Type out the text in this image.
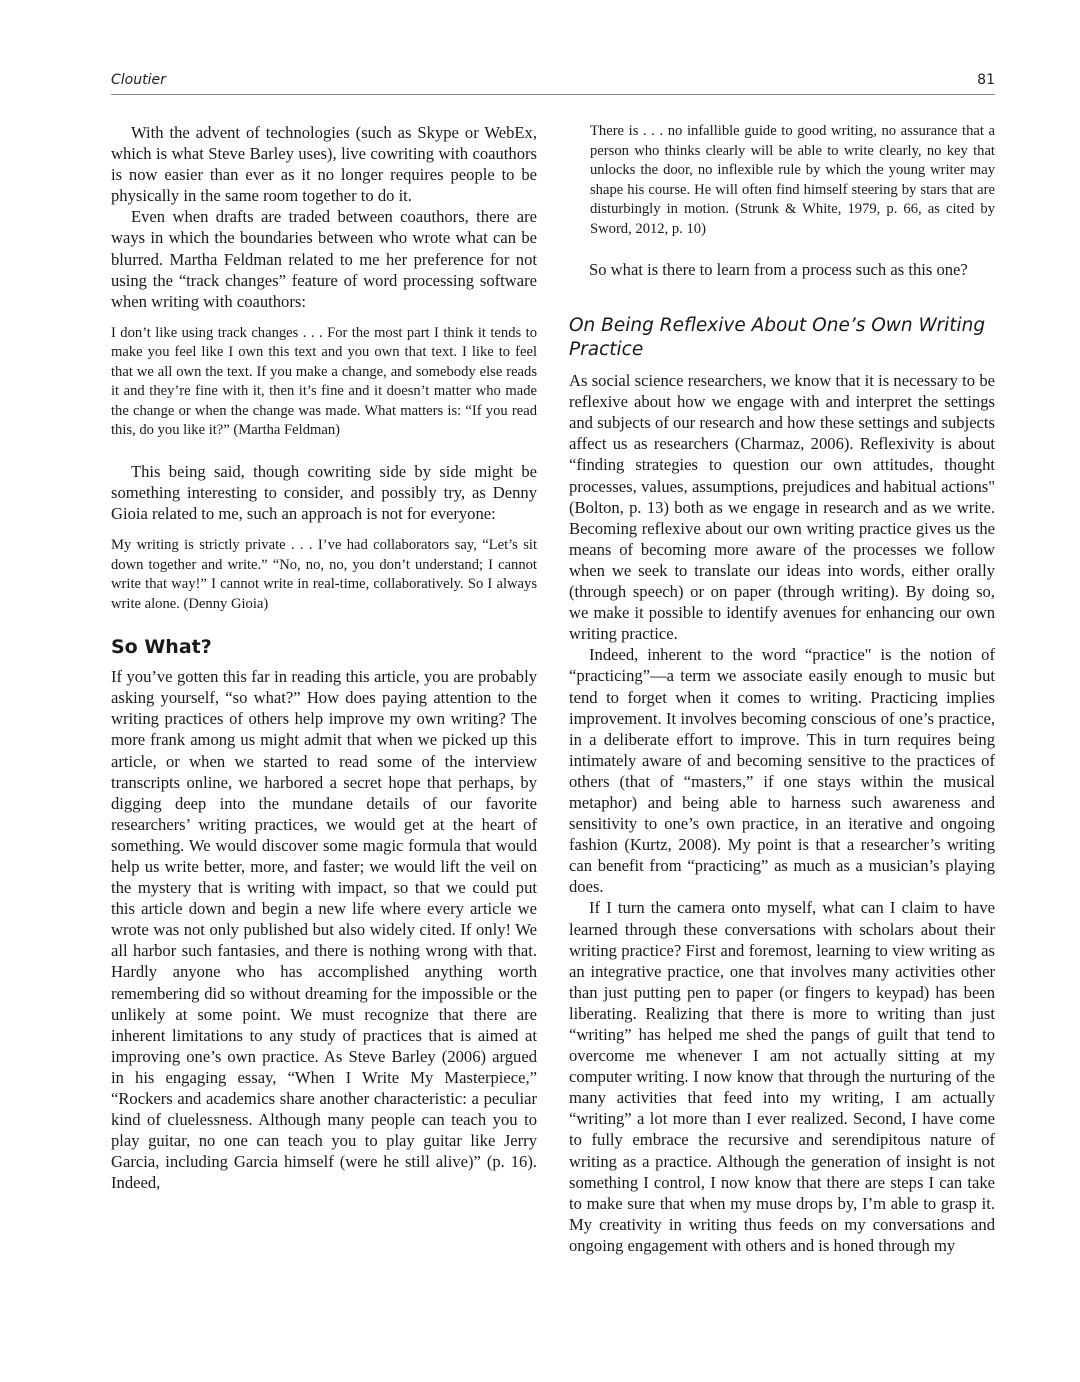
Cloutier	81

With the advent of technologies (such as Skype or WebEx, which is what Steve Barley uses), live cowriting with coauthors is now easier than ever as it no longer requires people to be physically in the same room together to do it.

Even when drafts are traded between coauthors, there are ways in which the boundaries between who wrote what can be blurred. Martha Feldman related to me her preference for not using the “track changes” feature of word processing software when writing with coauthors:

I don’t like using track changes . . . For the most part I think it tends to make you feel like I own this text and you own that text. I like to feel that we all own the text. If you make a change, and somebody else reads it and they’re fine with it, then it’s fine and it doesn’t matter who made the change or when the change was made. What matters is: “If you read this, do you like it?” (Martha Feldman)

This being said, though cowriting side by side might be something interesting to consider, and possibly try, as Denny Gioia related to me, such an approach is not for everyone:

My writing is strictly private . . . I’ve had collaborators say, “Let’s sit down together and write.” “No, no, no, you don’t understand; I cannot write that way!” I cannot write in real-time, collaboratively. So I always write alone. (Denny Gioia)

So What?

If you’ve gotten this far in reading this article, you are probably asking yourself, “so what?” How does paying attention to the writing practices of others help improve my own writing? The more frank among us might admit that when we picked up this article, or when we started to read some of the interview transcripts online, we harbored a secret hope that perhaps, by digging deep into the mundane details of our favorite researchers’ writing practices, we would get at the heart of something. We would discover some magic formula that would help us write better, more, and faster; we would lift the veil on the mystery that is writing with impact, so that we could put this article down and begin a new life where every article we wrote was not only published but also widely cited. If only! We all harbor such fantasies, and there is nothing wrong with that. Hardly anyone who has accomplished anything worth remembering did so without dreaming for the impossible or the unlikely at some point. We must recognize that there are inherent limitations to any study of practices that is aimed at improving one’s own practice. As Steve Barley (2006) argued in his engaging essay, “When I Write My Masterpiece,” “Rockers and academics share another characteristic: a peculiar kind of cluelessness. Although many people can teach you to play guitar, no one can teach you to play guitar like Jerry Garcia, including Garcia himself (were he still alive)” (p. 16). Indeed,

There is . . . no infallible guide to good writing, no assurance that a person who thinks clearly will be able to write clearly, no key that unlocks the door, no inflexible rule by which the young writer may shape his course. He will often find himself steering by stars that are disturbingly in motion. (Strunk & White, 1979, p. 66, as cited by Sword, 2012, p. 10)

So what is there to learn from a process such as this one?

On Being Reflexive About One’s Own Writing Practice

As social science researchers, we know that it is necessary to be reflexive about how we engage with and interpret the settings and subjects of our research and how these settings and subjects affect us as researchers (Charmaz, 2006). Reflexivity is about “finding strategies to question our own attitudes, thought processes, values, assumptions, prejudices and habitual actions" (Bolton, p. 13) both as we engage in research and as we write. Becoming reflexive about our own writing practice gives us the means of becoming more aware of the processes we follow when we seek to translate our ideas into words, either orally (through speech) or on paper (through writing). By doing so, we make it possible to identify avenues for enhancing our own writing practice.

Indeed, inherent to the word “practice" is the notion of “practicing”—a term we associate easily enough to music but tend to forget when it comes to writing. Practicing implies improvement. It involves becoming conscious of one’s practice, in a deliberate effort to improve. This in turn requires being intimately aware of and becoming sensitive to the practices of others (that of “masters,” if one stays within the musical metaphor) and being able to harness such awareness and sensitivity to one’s own practice, in an iterative and ongoing fashion (Kurtz, 2008). My point is that a researcher’s writing can benefit from “practicing” as much as a musician’s playing does.

If I turn the camera onto myself, what can I claim to have learned through these conversations with scholars about their writing practice? First and foremost, learning to view writing as an integrative practice, one that involves many activities other than just putting pen to paper (or fingers to keypad) has been liberating. Realizing that there is more to writing than just “writing” has helped me shed the pangs of guilt that tend to overcome me whenever I am not actually sitting at my computer writing. I now know that through the nurturing of the many activities that feed into my writing, I am actually “writing” a lot more than I ever realized. Second, I have come to fully embrace the recursive and serendipitous nature of writing as a practice. Although the generation of insight is not something I control, I now know that there are steps I can take to make sure that when my muse drops by, I’m able to grasp it. My creativity in writing thus feeds on my conversations and ongoing engagement with others and is honed through my
